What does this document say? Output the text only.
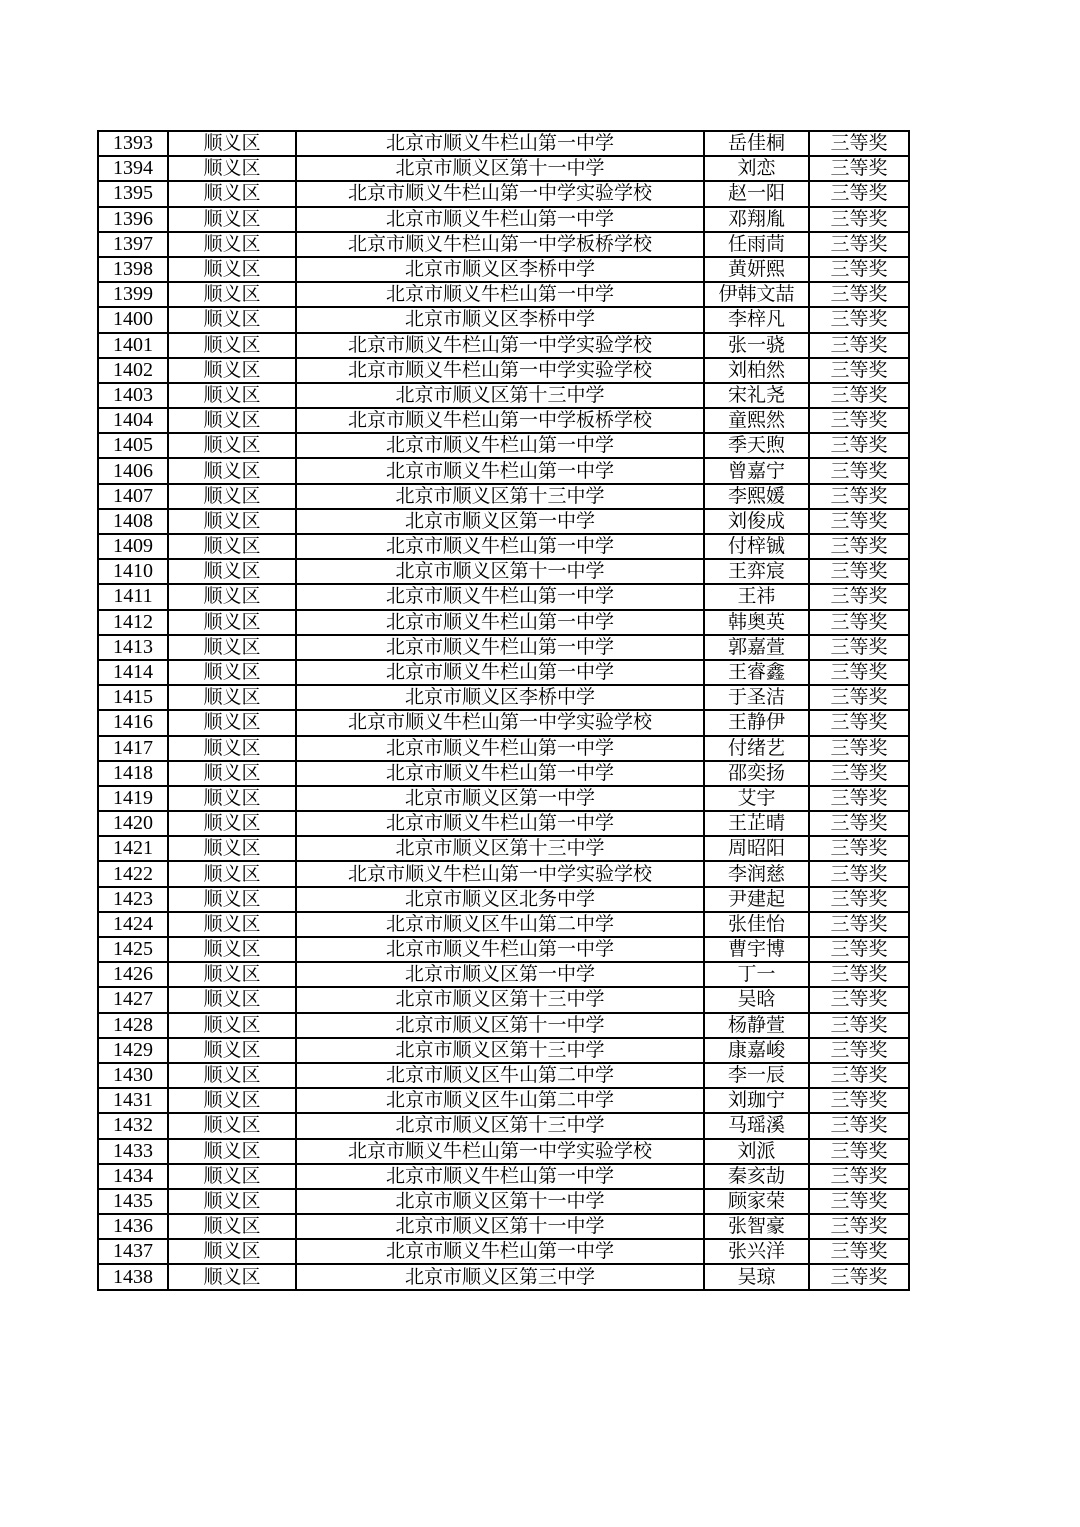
1393	顺义区	北京市顺义牛栏山第一中学	岳佳桐	三等奖
1394	顺义区	北京市顺义区第十一中学	刘恋	三等奖
1395	顺义区	北京市顺义牛栏山第一中学实验学校	赵一阳	三等奖
1396	顺义区	北京市顺义牛栏山第一中学	邓翔胤	三等奖
1397	顺义区	北京市顺义牛栏山第一中学板桥学校	任雨茼	三等奖
1398	顺义区	北京市顺义区李桥中学	黄妍熙	三等奖
1399	顺义区	北京市顺义牛栏山第一中学	伊韩文喆	三等奖
1400	顺义区	北京市顺义区李桥中学	李梓凡	三等奖
1401	顺义区	北京市顺义牛栏山第一中学实验学校	张一骁	三等奖
1402	顺义区	北京市顺义牛栏山第一中学实验学校	刘柏然	三等奖
1403	顺义区	北京市顺义区第十三中学	宋礼尧	三等奖
1404	顺义区	北京市顺义牛栏山第一中学板桥学校	童熙然	三等奖
1405	顺义区	北京市顺义牛栏山第一中学	季天煦	三等奖
1406	顺义区	北京市顺义牛栏山第一中学	曾嘉宁	三等奖
1407	顺义区	北京市顺义区第十三中学	李熙媛	三等奖
1408	顺义区	北京市顺义区第一中学	刘俊成	三等奖
1409	顺义区	北京市顺义牛栏山第一中学	付梓铖	三等奖
1410	顺义区	北京市顺义区第十一中学	王弈宸	三等奖
1411	顺义区	北京市顺义牛栏山第一中学	王祎	三等奖
1412	顺义区	北京市顺义牛栏山第一中学	韩奥英	三等奖
1413	顺义区	北京市顺义牛栏山第一中学	郭嘉萱	三等奖
1414	顺义区	北京市顺义牛栏山第一中学	王睿鑫	三等奖
1415	顺义区	北京市顺义区李桥中学	于圣洁	三等奖
1416	顺义区	北京市顺义牛栏山第一中学实验学校	王静伊	三等奖
1417	顺义区	北京市顺义牛栏山第一中学	付绪艺	三等奖
1418	顺义区	北京市顺义牛栏山第一中学	邵奕扬	三等奖
1419	顺义区	北京市顺义区第一中学	艾宇	三等奖
1420	顺义区	北京市顺义牛栏山第一中学	王芷晴	三等奖
1421	顺义区	北京市顺义区第十三中学	周昭阳	三等奖
1422	顺义区	北京市顺义牛栏山第一中学实验学校	李润慈	三等奖
1423	顺义区	北京市顺义区北务中学	尹建起	三等奖
1424	顺义区	北京市顺义区牛山第二中学	张佳怡	三等奖
1425	顺义区	北京市顺义牛栏山第一中学	曹宇博	三等奖
1426	顺义区	北京市顺义区第一中学	丁一	三等奖
1427	顺义区	北京市顺义区第十三中学	吴晗	三等奖
1428	顺义区	北京市顺义区第十一中学	杨静萱	三等奖
1429	顺义区	北京市顺义区第十三中学	康嘉峻	三等奖
1430	顺义区	北京市顺义区牛山第二中学	李一辰	三等奖
1431	顺义区	北京市顺义区牛山第二中学	刘珈宁	三等奖
1432	顺义区	北京市顺义区第十三中学	马瑶溪	三等奖
1433	顺义区	北京市顺义牛栏山第一中学实验学校	刘派	三等奖
1434	顺义区	北京市顺义牛栏山第一中学	秦亥劼	三等奖
1435	顺义区	北京市顺义区第十一中学	顾家荣	三等奖
1436	顺义区	北京市顺义区第十一中学	张智豪	三等奖
1437	顺义区	北京市顺义牛栏山第一中学	张兴洋	三等奖
1438	顺义区	北京市顺义区第三中学	吴琼	三等奖
